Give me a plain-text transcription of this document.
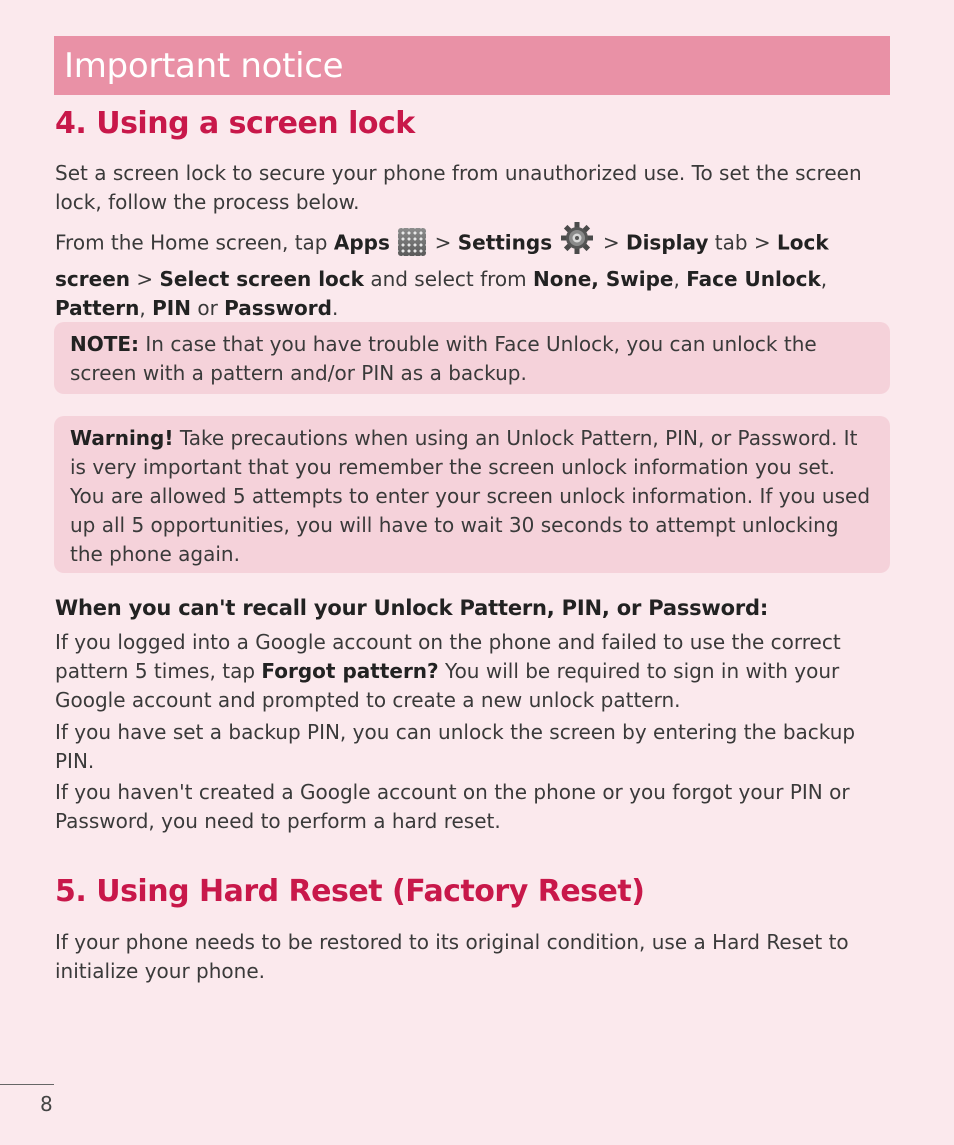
Important notice
4. Using a screen lock

Set a screen lock to secure your phone from unauthorized use. To set the screen lock, follow the process below.

From the Home screen, tap Apps  > Settings  > Display tab > Lock screen > Select screen lock and select from None, Swipe, Face Unlock, Pattern, PIN or Password.

NOTE: In case that you have trouble with Face Unlock, you can unlock the screen with a pattern and/or PIN as a backup.

Warning! Take precautions when using an Unlock Pattern, PIN, or Password. It is very important that you remember the screen unlock information you set. You are allowed 5 attempts to enter your screen unlock information. If you used up all 5 opportunities, you will have to wait 30 seconds to attempt unlocking the phone again.

When you can't recall your Unlock Pattern, PIN, or Password:

If you logged into a Google account on the phone and failed to use the correct pattern 5 times, tap Forgot pattern? You will be required to sign in with your Google account and prompted to create a new unlock pattern.

If you have set a backup PIN, you can unlock the screen by entering the backup PIN.

If you haven't created a Google account on the phone or you forgot your PIN or Password, you need to perform a hard reset.

5. Using Hard Reset (Factory Reset)

If your phone needs to be restored to its original condition, use a Hard Reset to initialize your phone.

8
